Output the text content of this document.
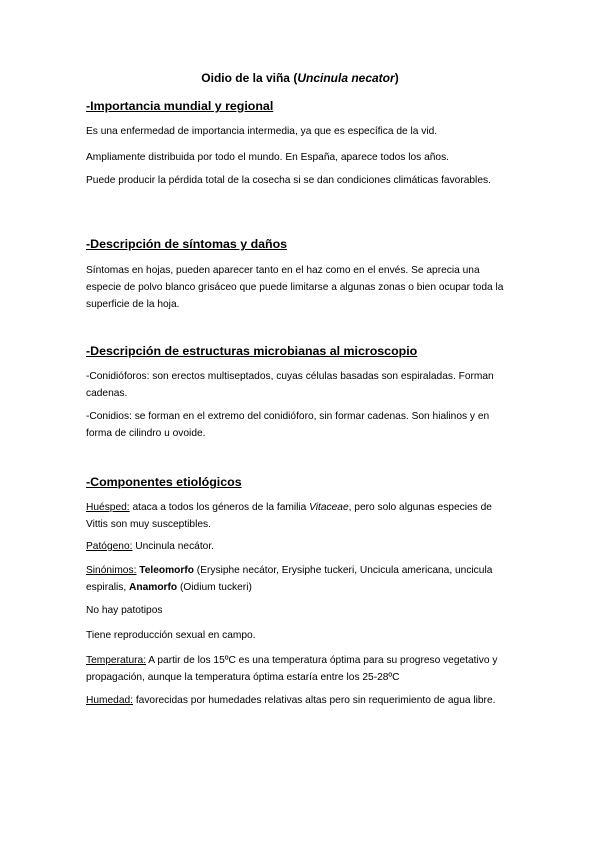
Oidio de la viña (Uncinula necator)
-Importancia mundial y regional
Es una enfermedad de importancia intermedia, ya que es específica de la vid.
Ampliamente distribuida por todo el mundo. En España, aparece todos los años.
Puede producir la pérdida total de la cosecha si se dan condiciones climáticas favorables.
-Descripción de síntomas y daños
Síntomas en hojas, pueden aparecer tanto en el haz como en el envés. Se aprecia una especie de polvo blanco grisáceo que puede limitarse a algunas zonas o bien ocupar toda la superficie de la hoja.
-Descripción de estructuras microbianas al microscopio
-Conidióforos: son erectos multiseptados, cuyas células basadas son espiraladas. Forman cadenas.
-Conidios: se forman en el extremo del conidióforo, sin formar cadenas. Son hialinos y en forma de cilindro u ovoide.
-Componentes etiológicos
Huésped: ataca a todos los géneros de la familia Vitaceae, pero solo algunas especies de Vittis son muy susceptibles.
Patógeno: Uncinula necátor.
Sinónimos: Teleomorfo (Erysiphe necátor, Erysiphe tuckeri, Uncicula americana, uncicula espiralis, Anamorfo (Oidium tuckeri)
No hay patotipos
Tiene reproducción sexual en campo.
Temperatura: A partir de los 15ºC es una temperatura óptima para su progreso vegetativo y propagación, aunque la temperatura óptima estaría entre los 25-28ºC
Humedad: favorecidas por humedades relativas altas pero sin requerimiento de agua libre.
